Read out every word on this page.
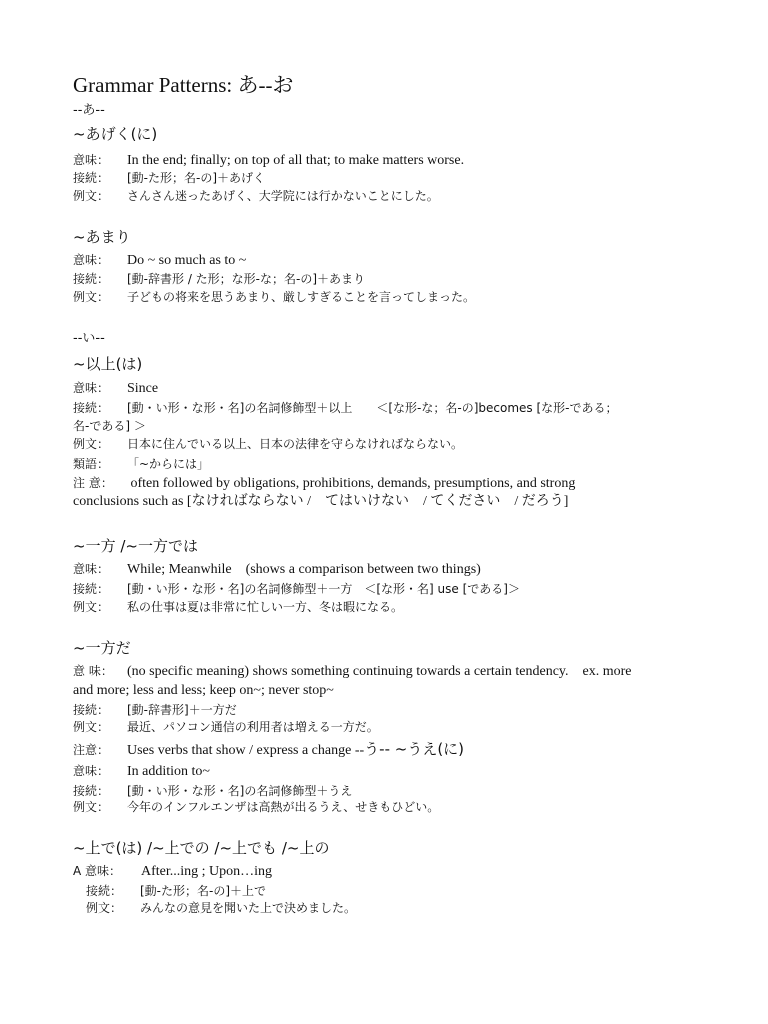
Grammar Patterns: あ--お
--あ--
~あげく(に)
意味： In the end; finally; on top of all that; to make matters worse.
接続： [動-た形；名-の]＋あげく
例文： さんさん迷ったあげく、大学院には行かないことにした。
~あまり
意味： Do ~ so much as to ~
接続： [動-辞書形 / た形；な形-な；名-の]＋あまり
例文： 子どもの将来を思うあまり、厳しすぎることを言ってしまった。
--い--
~以上(は)
意味： Since
接続： [動・い形・な形・名]の名詞修飾型＋以上　　＜[な形-な；名-の]becomes [な形-である；
名-である] ＞
例文： 日本に住んでいる以上、日本の法律を守らなければならない。
類語： 「~からには」
注 意： often followed by obligations, prohibitions, demands, presumptions, and strong
conclusions such as [なければならない /　てはいけない　/ てください　/ だろう]
~一方 /~一方では
意味： While; Meanwhile　(shows a comparison between two things)
接続： [動・い形・な形・名]の名詞修飾型＋一方　＜[な形・名] use [である]＞
例文： 私の仕事は夏は非常に忙しい一方、冬は暇になる。
~一方だ
意 味： (no specific meaning) shows something continuing towards a certain tendency.　ex. more
and more; less and less; keep on~; never stop~
接続： [動-辞書形]＋一方だ
例文： 最近、パソコン通信の利用者は増える一方だ。
注意： Uses verbs that show / express a change --う-- ~うえ(に)
意味： In addition to~
接続： [動・い形・な形・名]の名詞修飾型＋うえ
例文： 今年のインフルエンザは高熱が出るうえ、せきもひどい。
~上で(は) /~上での /~上でも /~上の
A 意味： After...ing ; Upon…ing
接続： [動-た形；名-の]＋上で
例文： みんなの意見を聞いた上で決めました。
